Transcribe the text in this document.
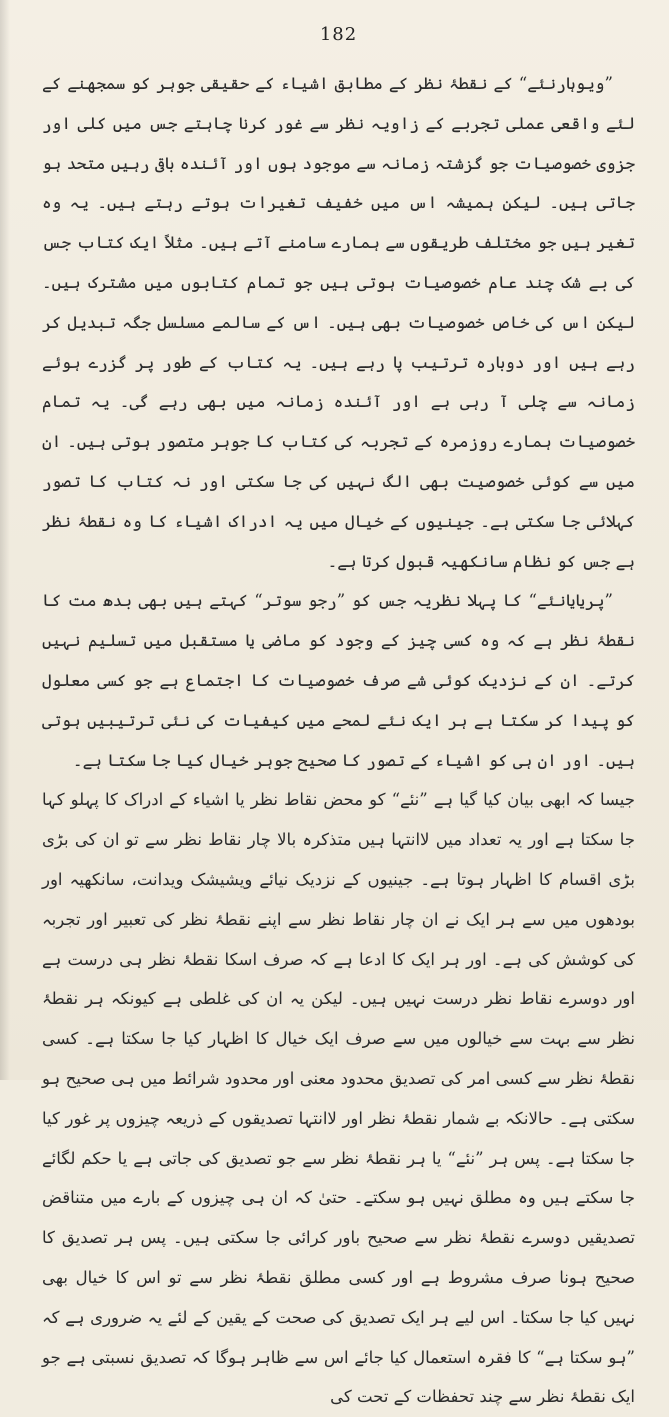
182

”ویوہارنئے“ کے نقطۂ نظر کے مطابق اشیاء کے حقیقی جوہر کو سمجھنے کے لئے واقعی عملی تجربے کے زاویہ نظر سے غور کرنا چاہتے جس میں کلی اور جزوی خصوصیات جو گزشتہ زمانہ سے موجود ہوں اور آئندہ باقی رہیں متحد ہو جاتی ہیں۔ لیکن ہمیشہ اس میں خفیف تغیرات ہوتے رہتے ہیں۔ یہ وہ تغیر ہیں جو مختلف طریقوں سے ہمارے سامنے آتے ہیں۔ مثلاً ایک کتاب جس کی بے شک چند عام خصوصیات ہوتی ہیں جو تمام کتابوں میں مشترک ہیں۔ لیکن اس کی خاص خصوصیات بھی ہیں۔ اس کے سالمے مسلسل جگہ تبدیل کر رہے ہیں اور دوبارہ ترتیب پا رہے ہیں۔ یہ کتاب کے طور پر گزرے ہوئے زمانہ سے چلی آ رہی ہے اور آئندہ زمانہ میں بھی رہے گی۔ یہ تمام خصوصیات ہمارے روزمرہ کے تجربہ کی کتاب کا جوہر متصور ہوتی ہیں۔ ان میں سے کوئی خصوصیت بھی الگ نہیں کی جا سکتی اور نہ کتاب کا تصور کہلائی جا سکتی ہے۔ جینیوں کے خیال میں یہ ادراک اشیاء کا وہ نقطۂ نظر ہے جس کو نظام سانکھیہ قبول کرتا ہے۔

”پریایانئے“ کا پہلا نظریہ جس کو ”رجو سوتر“ کہتے ہیں بھی بدھ مت کا نقطۂ نظر ہے کہ وہ کسی چیز کے وجود کو ماضی یا مستقبل میں تسلیم نہیں کرتے۔ ان کے نزدیک کوئی شے صرف خصوصیات کا اجتماع ہے جو کسی معلول کو پیدا کر سکتا ہے ہر ایک نئے لمحے میں کیفیات کی نئی ترتیبیں ہوتی ہیں۔ اور ان ہی کو اشیاء کے تصور کا صحیح جوہر خیال کیا جا سکتا ہے۔

جیسا کہ ابھی بیان کیا گیا ہے ”نئے“ کو محض نقاط نظر یا اشیاء کے ادراک کا پہلو کہا جا سکتا ہے اور یہ تعداد میں لاانتہا ہیں متذکرہ بالا چار نقاط نظر سے تو ان کی بڑی بڑی اقسام کا اظہار ہوتا ہے۔ جینیوں کے نزدیک نیائے ویشیشک ویدانت، سانکھیہ اور بودھوں میں سے ہر ایک نے ان چار نقاط نظر سے اپنے نقطۂ نظر کی تعبیر اور تجربہ کی کوشش کی ہے۔ اور ہر ایک کا ادعا ہے کہ صرف اسکا نقطۂ نظر ہی درست ہے اور دوسرے نقاط نظر درست نہیں ہیں۔ لیکن یہ ان کی غلطی ہے کیونکہ ہر نقطۂ نظر سے بہت سے خیالوں میں سے صرف ایک خیال کا اظہار کیا جا سکتا ہے۔ کسی نقطۂ نظر سے کسی امر کی تصدیق محدود معنی اور محدود شرائط میں ہی صحیح ہو سکتی ہے۔ حالانکہ بے شمار نقطۂ نظر اور لاانتہا تصدیقوں کے ذریعہ چیزوں پر غور کیا جا سکتا ہے۔ پس ہر ”نئے“ یا ہر نقطۂ نظر سے جو تصدیق کی جاتی ہے یا حکم لگائے جا سکتے ہیں وہ مطلق نہیں ہو سکتے۔ حتیٰ کہ ان ہی چیزوں کے بارے میں متناقض تصدیقیں دوسرے نقطۂ نظر سے صحیح باور کرائی جا سکتی ہیں۔ پس ہر تصدیق کا صحیح ہونا صرف مشروط ہے اور کسی مطلق نقطۂ نظر سے تو اس کا خیال بھی نہیں کیا جا سکتا۔ اس لیے ہر ایک تصدیق کی صحت کے یقین کے لئے یہ ضروری ہے کہ ”ہو سکتا ہے“ کا فقرہ استعمال کیا جائے اس سے ظاہر ہوگا کہ تصدیق نسبتی ہے جو ایک نقطۂ نظر سے چند تحفظات کے تحت کی
